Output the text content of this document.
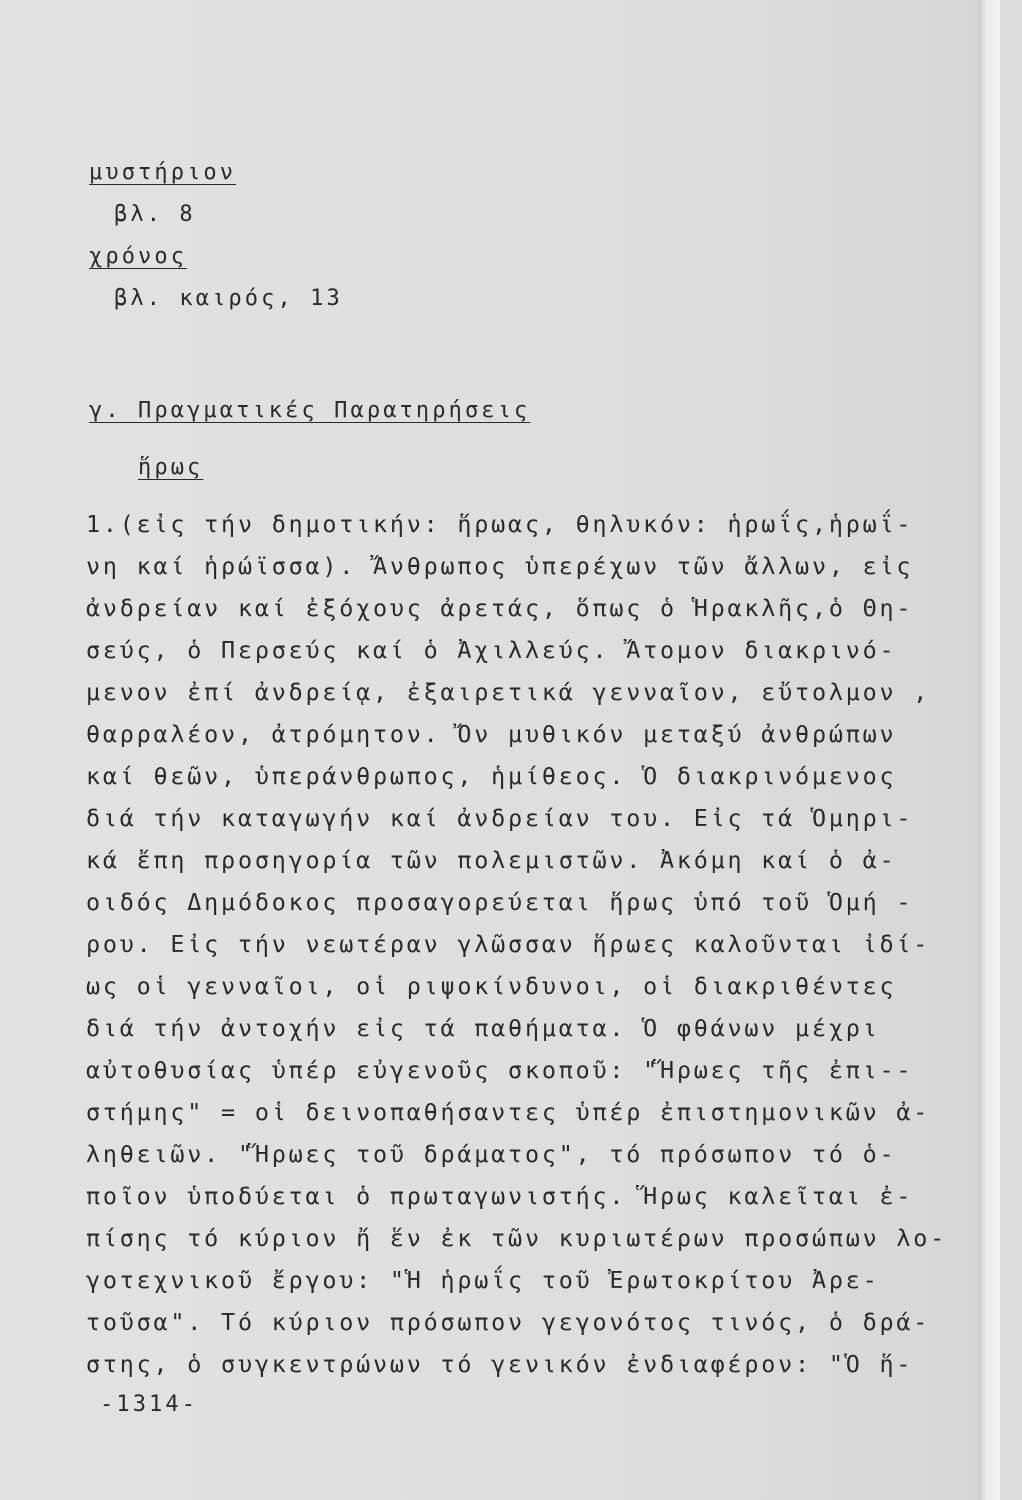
μυστήριον
βλ. 8
χρόνος
βλ. καιρός, 13
γ. Πραγματικές Παρατηρήσεις
ἥρως
1.(εἰς τήν δημοτικήν: ἥρωας, θηλυκόν: ἡρωΐς,ἡρωΐ-
νη καί ἡρώϊσσα). Ἄνθρωπος ὑπερέχων τῶν ἄλλων, εἰς
ἀνδρείαν καί ἐξόχους ἀρετάς, ὅπως ὁ Ἡρακλῆς,ὁ Θη-
σεύς, ὁ Περσεύς καί ὁ Ἀχιλλεύς. Ἄτομον διακρινό-
μενον ἐπί ἀνδρείᾳ, ἐξαιρετικά γενναῖον, εὔτολμον ,
θαρραλέον, ἀτρόμητον. Ὄν μυθικόν μεταξύ ἀνθρώπων
καί θεῶν, ὑπεράνθρωπος, ἡμίθεος. Ὁ διακρινόμενος
διά τήν καταγωγήν καί ἀνδρείαν του. Εἰς τά Ὁμηρι-
κά ἔπη προσηγορία τῶν πολεμιστῶν. Ἀκόμη καί ὁ ἀ-
οιδός Δημόδοκος προσαγορεύεται ἥρως ὑπό τοῦ Ὁμή -
ρου. Εἰς τήν νεωτέραν γλῶσσαν ἥρωες καλοῦνται ἰδί-
ως οἱ γενναῖοι, οἱ ριψοκίνδυνοι, οἱ διακριθέντες
διά τήν ἀντοχήν εἰς τά παθήματα. Ὁ φθάνων μέχρι
αὐτοθυσίας ὑπέρ εὐγενοῦς σκοποῦ: "Ἥρωες τῆς ἐπι--
στήμης" = οἱ δεινοπαθήσαντες ὑπέρ ἐπιστημονικῶν ἀ-
ληθειῶν. "Ἥρωες τοῦ δράματος", τό πρόσωπον τό ὁ-
ποῖον ὑποδύεται ὁ πρωταγωνιστής. Ἥρως καλεῖται ἐ-
πίσης τό κύριον ἤ ἕν ἐκ τῶν κυριωτέρων προσώπων λο-
γοτεχνικοῦ ἔργου: "Ἡ ἡρωΐς τοῦ Ἐρωτοκρίτου Ἀρε-
τοῦσα". Τό κύριον πρόσωπον γεγονότος τινός, ὁ δρά-
στης, ὁ συγκεντρώνων τό γενικόν ἐνδιαφέρον: "Ὁ ἥ-
-1314-
